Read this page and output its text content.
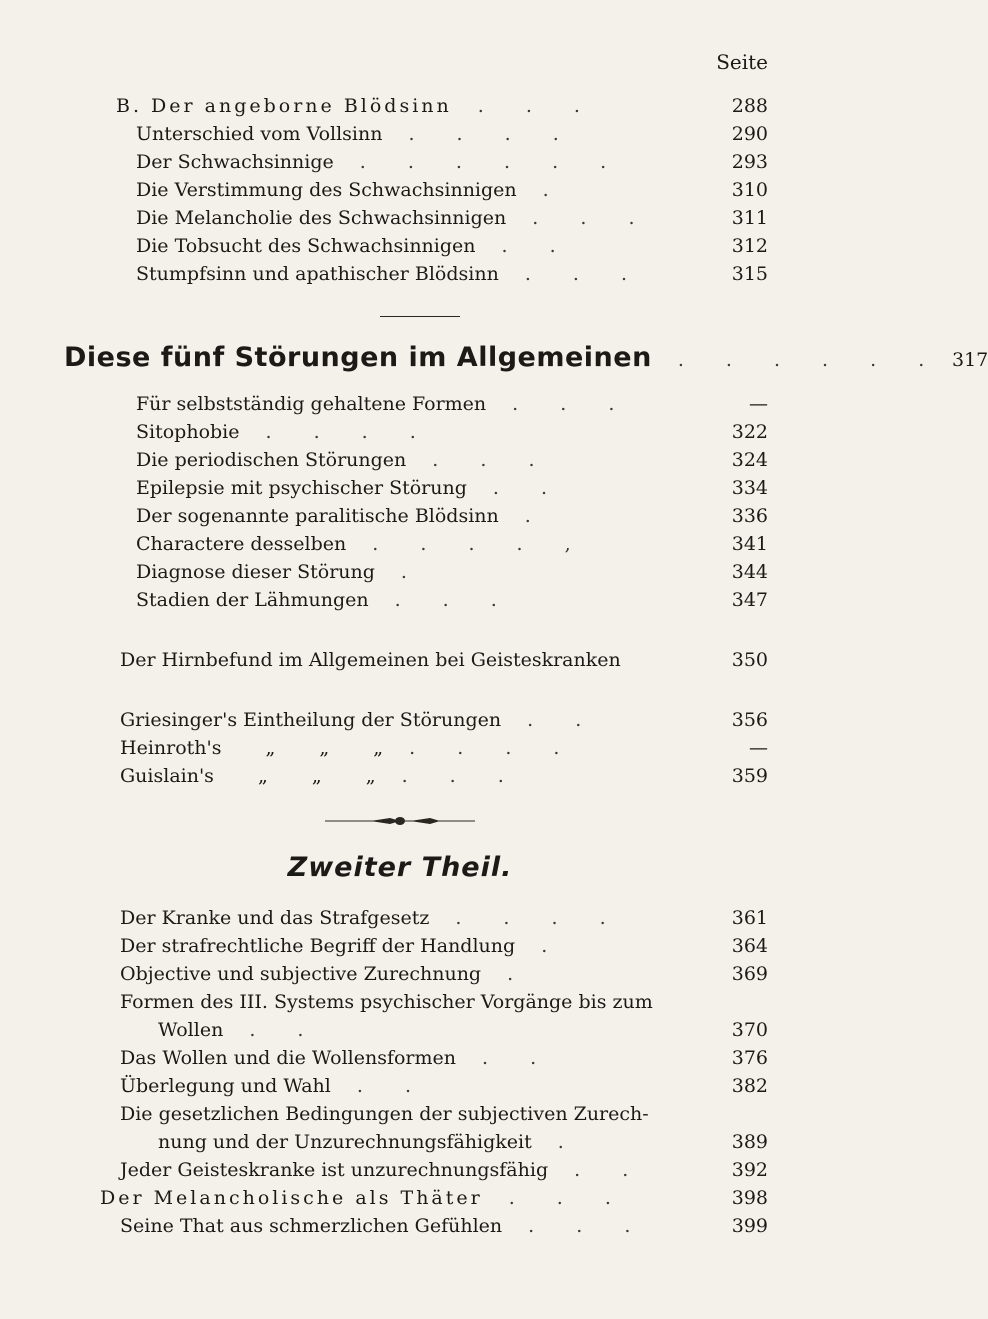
Seite
B. Der angeborne Blödsinn	. . .	288
Unterschied vom Vollsinn	. . . .	290
Der Schwachsinnige	. . . . . .	293
Die Verstimmung des Schwachsinnigen	.	310
Die Melancholie des Schwachsinnigen	. . .	311
Die Tobsucht des Schwachsinnigen	. .	312
Stumpfsinn und apathischer Blödsinn	. . .	315
Diese fünf Störungen im Allgemeinen	. . . . . . 317
Für selbstständig gehaltene Formen	. . .	—
Sitophobie	. . . .	322
Die periodischen Störungen	. . .	324
Epilepsie mit psychischer Störung	. .	334
Der sogenannte paralitische Blödsinn	.	336
Characterе desselben	. . . . ,	341
Diagnose dieser Störung	.	344
Stadien der Lähmungen	. . .	347
Der Hirnbefund im Allgemeinen bei Geisteskranken	350
Griesinger's Eintheilung der Störungen	. .	356
Heinroth's „ „ „	. . . .	—
Guislain's „ „ „	. . .	359
Zweiter Theil.
Der Kranke und das Strafgesetz	. . . .	361
Der strafrechtliche Begriff der Handlung	.	364
Objective und subjective Zurechnung	.	369
Formen des III. Systems psychischer Vorgänge bis zum
Wollen	. .	370
Das Wollen und die Wollensformen	. .	376
Überlegung und Wahl	. .	382
Die gesetzlichen Bedingungen der subjectiven Zurech-
nung und der Unzurechnungsfähigkeit	.	389
Jeder Geisteskranke ist unzurechnungsfähig	. .	392
Der Melancholische als Thäter	. . .	398
Seine That aus schmerzlichen Gefühlen	. . .	399
